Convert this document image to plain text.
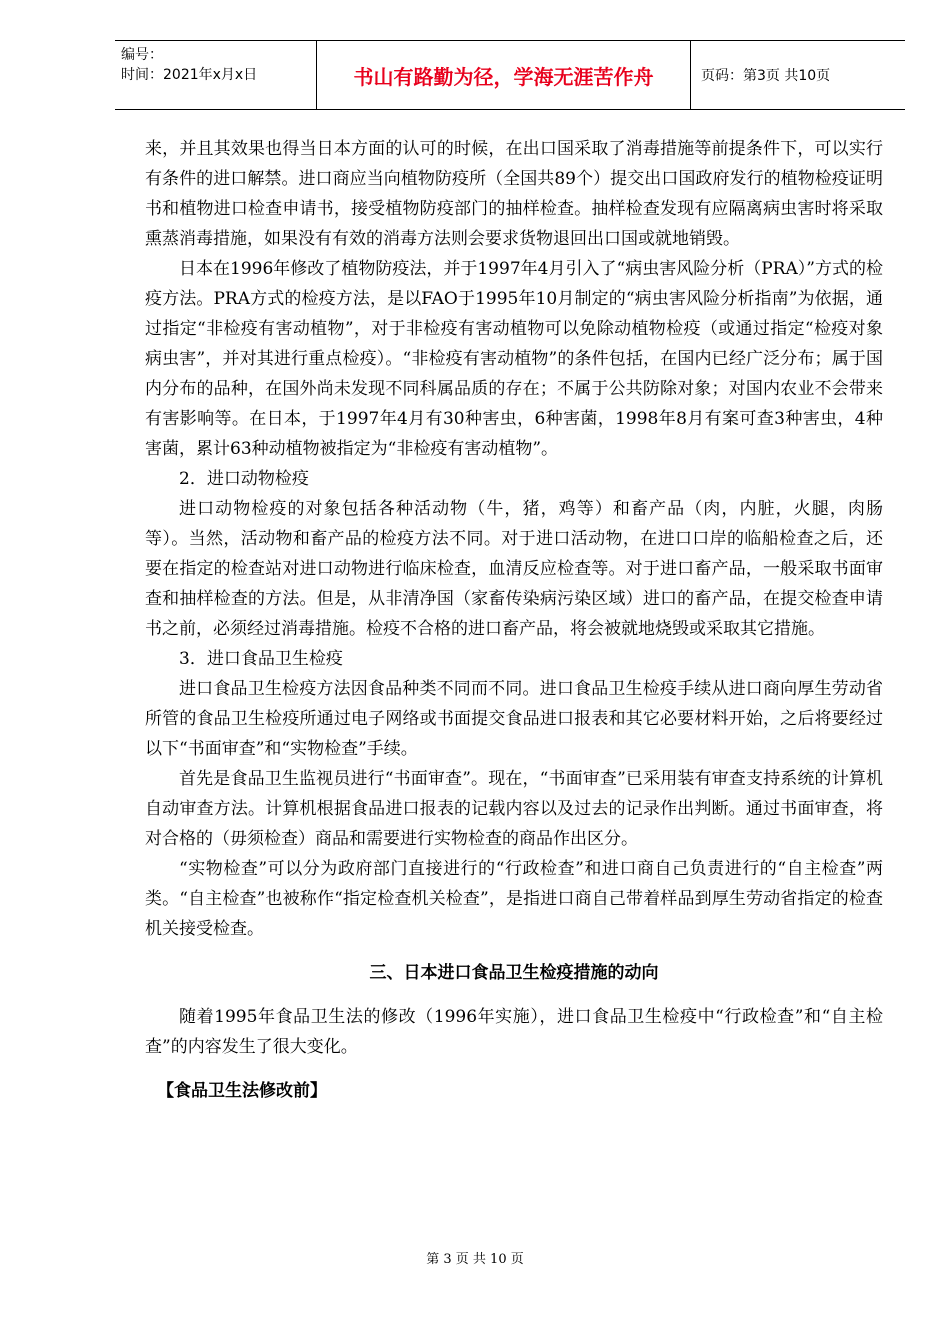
编号：
时间：2021年x月x日	书山有路勤为径，学海无涯苦作舟	页码：第3页 共10页

来，并且其效果也得当日本方面的认可的时候，在出口国采取了消毒措施等前提条件下，可以实行有条件的进口解禁。进口商应当向植物防疫所（全国共89个）提交出口国政府发行的植物检疫证明书和植物进口检查申请书，接受植物防疫部门的抽样检查。抽样检查发现有应隔离病虫害时将采取熏蒸消毒措施，如果没有有效的消毒方法则会要求货物退回出口国或就地销毁。

日本在1996年修改了植物防疫法，并于1997年4月引入了“病虫害风险分析（PRA）”方式的检疫方法。PRA方式的检疫方法，是以FAO于1995年10月制定的“病虫害风险分析指南”为依据，通过指定“非检疫有害动植物”，对于非检疫有害动植物可以免除动植物检疫（或通过指定“检疫对象病虫害”，并对其进行重点检疫）。“非检疫有害动植物”的条件包括，在国内已经广泛分布；属于国内分布的品种，在国外尚未发现不同科属品质的存在；不属于公共防除对象；对国内农业不会带来有害影响等。在日本，于1997年4月有30种害虫，6种害菌，1998年8月有案可查3种害虫，4种害菌，累计63种动植物被指定为“非检疫有害动植物”。

2．进口动物检疫

进口动物检疫的对象包括各种活动物（牛，猪，鸡等）和畜产品（肉，内脏，火腿，肉肠等）。当然，活动物和畜产品的检疫方法不同。对于进口活动物，在进口口岸的临船检查之后，还要在指定的检查站对进口动物进行临床检查，血清反应检查等。对于进口畜产品，一般采取书面审查和抽样检查的方法。但是，从非清净国（家畜传染病污染区域）进口的畜产品，在提交检查申请书之前，必须经过消毒措施。检疫不合格的进口畜产品，将会被就地烧毁或采取其它措施。

3．进口食品卫生检疫

进口食品卫生检疫方法因食品种类不同而不同。进口食品卫生检疫手续从进口商向厚生劳动省所管的食品卫生检疫所通过电子网络或书面提交食品进口报表和其它必要材料开始，之后将要经过以下“书面审查”和“实物检查”手续。

首先是食品卫生监视员进行“书面审查”。现在，“书面审查”已采用装有审查支持系统的计算机自动审查方法。计算机根据食品进口报表的记载内容以及过去的记录作出判断。通过书面审查，将对合格的（毋须检查）商品和需要进行实物检查的商品作出区分。

“实物检查”可以分为政府部门直接进行的“行政检查”和进口商自己负责进行的“自主检查”两类。“自主检查”也被称作“指定检查机关检查”，是指进口商自己带着样品到厚生劳动省指定的检查机关接受检查。

三、日本进口食品卫生检疫措施的动向

随着1995年食品卫生法的修改（1996年实施），进口食品卫生检疫中“行政检查”和“自主检查”的内容发生了很大变化。

【食品卫生法修改前】

第 3 页 共 10 页
